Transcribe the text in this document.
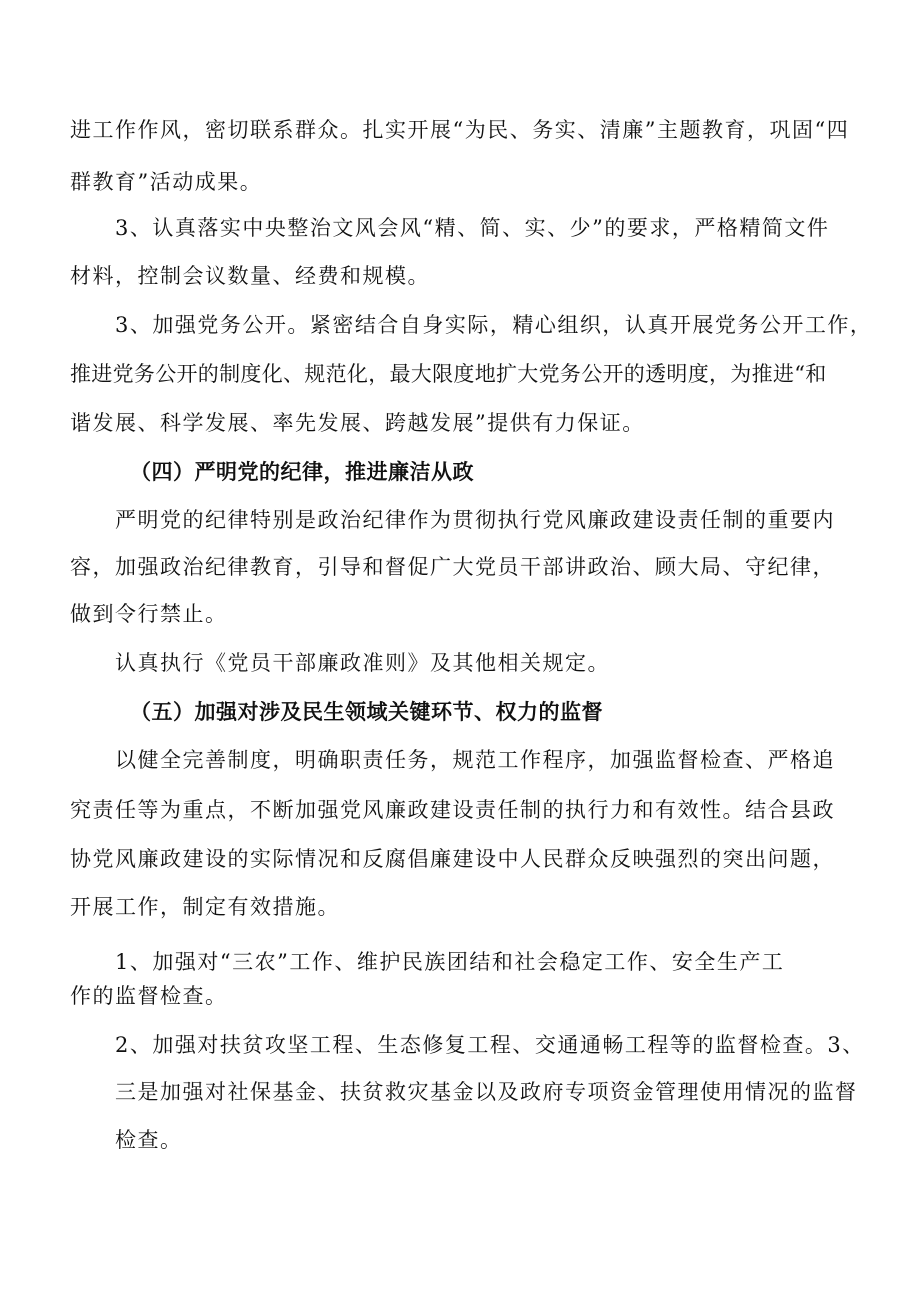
进工作作风，密切联系群众。扎实开展“为民、务实、清廉”主题教育，巩固“四
群教育”活动成果。
3、认真落实中央整治文风会风“精、简、实、少”的要求，严格精简文件
材料，控制会议数量、经费和规模。
3、加强党务公开。紧密结合自身实际，精心组织，认真开展党务公开工作，
推进党务公开的制度化、规范化，最大限度地扩大党务公开的透明度，为推进“和
谐发展、科学发展、率先发展、跨越发展”提供有力保证。
（四）严明党的纪律，推进廉洁从政
严明党的纪律特别是政治纪律作为贯彻执行党风廉政建设责任制的重要内
容，加强政治纪律教育，引导和督促广大党员干部讲政治、顾大局、守纪律，
做到令行禁止。
认真执行《党员干部廉政准则》及其他相关规定。
（五）加强对涉及民生领域关键环节、权力的监督
以健全完善制度，明确职责任务，规范工作程序，加强监督检查、严格追
究责任等为重点，不断加强党风廉政建设责任制的执行力和有效性。结合县政
协党风廉政建设的实际情况和反腐倡廉建设中人民群众反映强烈的突出问题，
开展工作，制定有效措施。
1、加强对“三农”工作、维护民族团结和社会稳定工作、安全生产工
作的监督检查。
2、加强对扶贫攻坚工程、生态修复工程、交通通畅工程等的监督检查。3、
三是加强对社保基金、扶贫救灾基金以及政府专项资金管理使用情况的监督
检查。
